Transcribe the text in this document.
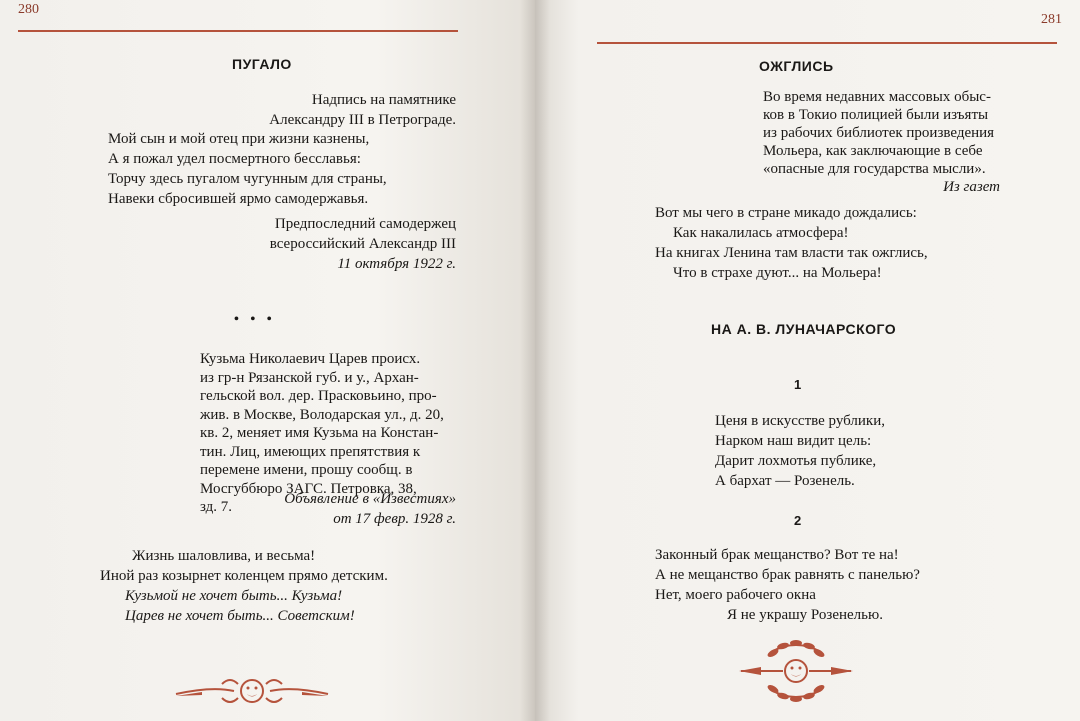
280
ПУГАЛО
Надпись на памятнике
Александру III в Петрограде.
Мой сын и мой отец при жизни казнены,
А я пожал удел посмертного бесславья:
Торчу здесь пугалом чугунным для страны,
Навеки сбросившей ярмо самодержавья.
Предпоследний самодержец
всероссийский Александр III
11 октября 1922 г.
• • •
Кузьма Николаевич Царев происх.
из гр-н Рязанской губ. и у., Архан-
гельской вол. дер. Прасковьино, про-
жив. в Москве, Володарская ул., д. 20,
кв. 2, меняет имя Кузьма на Констан-
тин. Лиц, имеющих препятствия к
перемене имени, прошу сообщ. в
Мосгуббюро ЗАГС. Петровка, 38,
зд. 7.	Объявление в «Известиях»
от 17 февр. 1928 г.
Жизнь шаловлива, и весьма!
Иной раз козырнет коленцем прямо детским.
Кузьмой не хочет быть... Кузьма!
Царев не хочет быть... Советским!
281
ОЖГЛИСЬ
Во время недавних массовых обыс-
ков в Токио полицией были изъяты
из рабочих библиотек произведения
Мольера, как заключающие в себе
«опасные для государства мысли».
Из газет
Вот мы чего в стране микадо дождались:
Как накалилась атмосфера!
На книгах Ленина там власти так ожглись,
Что в страхе дуют... на Мольера!
НА А. В. ЛУНАЧАРСКОГО
1
Ценя в искусстве рублики,
Нарком наш видит цель:
Дарит лохмотья публике,
А бархат — Розенель.
2
Законный брак мещанство? Вот те на!
А не мещанство брак равнять с панелью?
Нет, моего рабочего окна
Я не украшу Розенелью.
